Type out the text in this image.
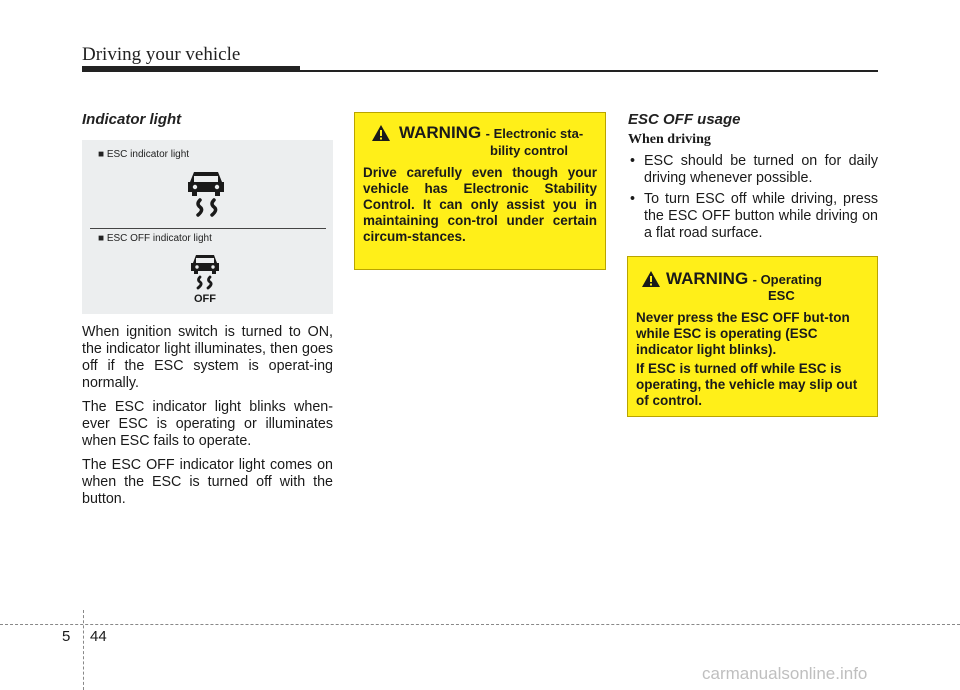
Driving your vehicle
Indicator light
■ ESC indicator light
■ ESC OFF indicator light
OFF

When ignition switch is turned to ON, the indicator light illuminates, then goes off if the ESC system is operat-ing normally.

The ESC indicator light blinks when-ever ESC is operating or illuminates when ESC fails to operate.

The ESC OFF indicator light comes on when the ESC is turned off with the button.

WARNING - Electronic sta-
bility control
Drive carefully even though your vehicle has Electronic Stability Control. It can only assist you in maintaining con-trol under certain circum-stances.
ESC OFF usage
When driving
• ESC should be turned on for daily driving whenever possible.
• To turn ESC off while driving, press the ESC OFF button while driving on a flat road surface.
WARNING - Operating
ESC
Never press the ESC OFF but-ton while ESC is operating (ESC indicator light blinks).
If ESC is turned off while ESC is operating, the vehicle may slip out of control.
5 44
carmanualsonline.info
